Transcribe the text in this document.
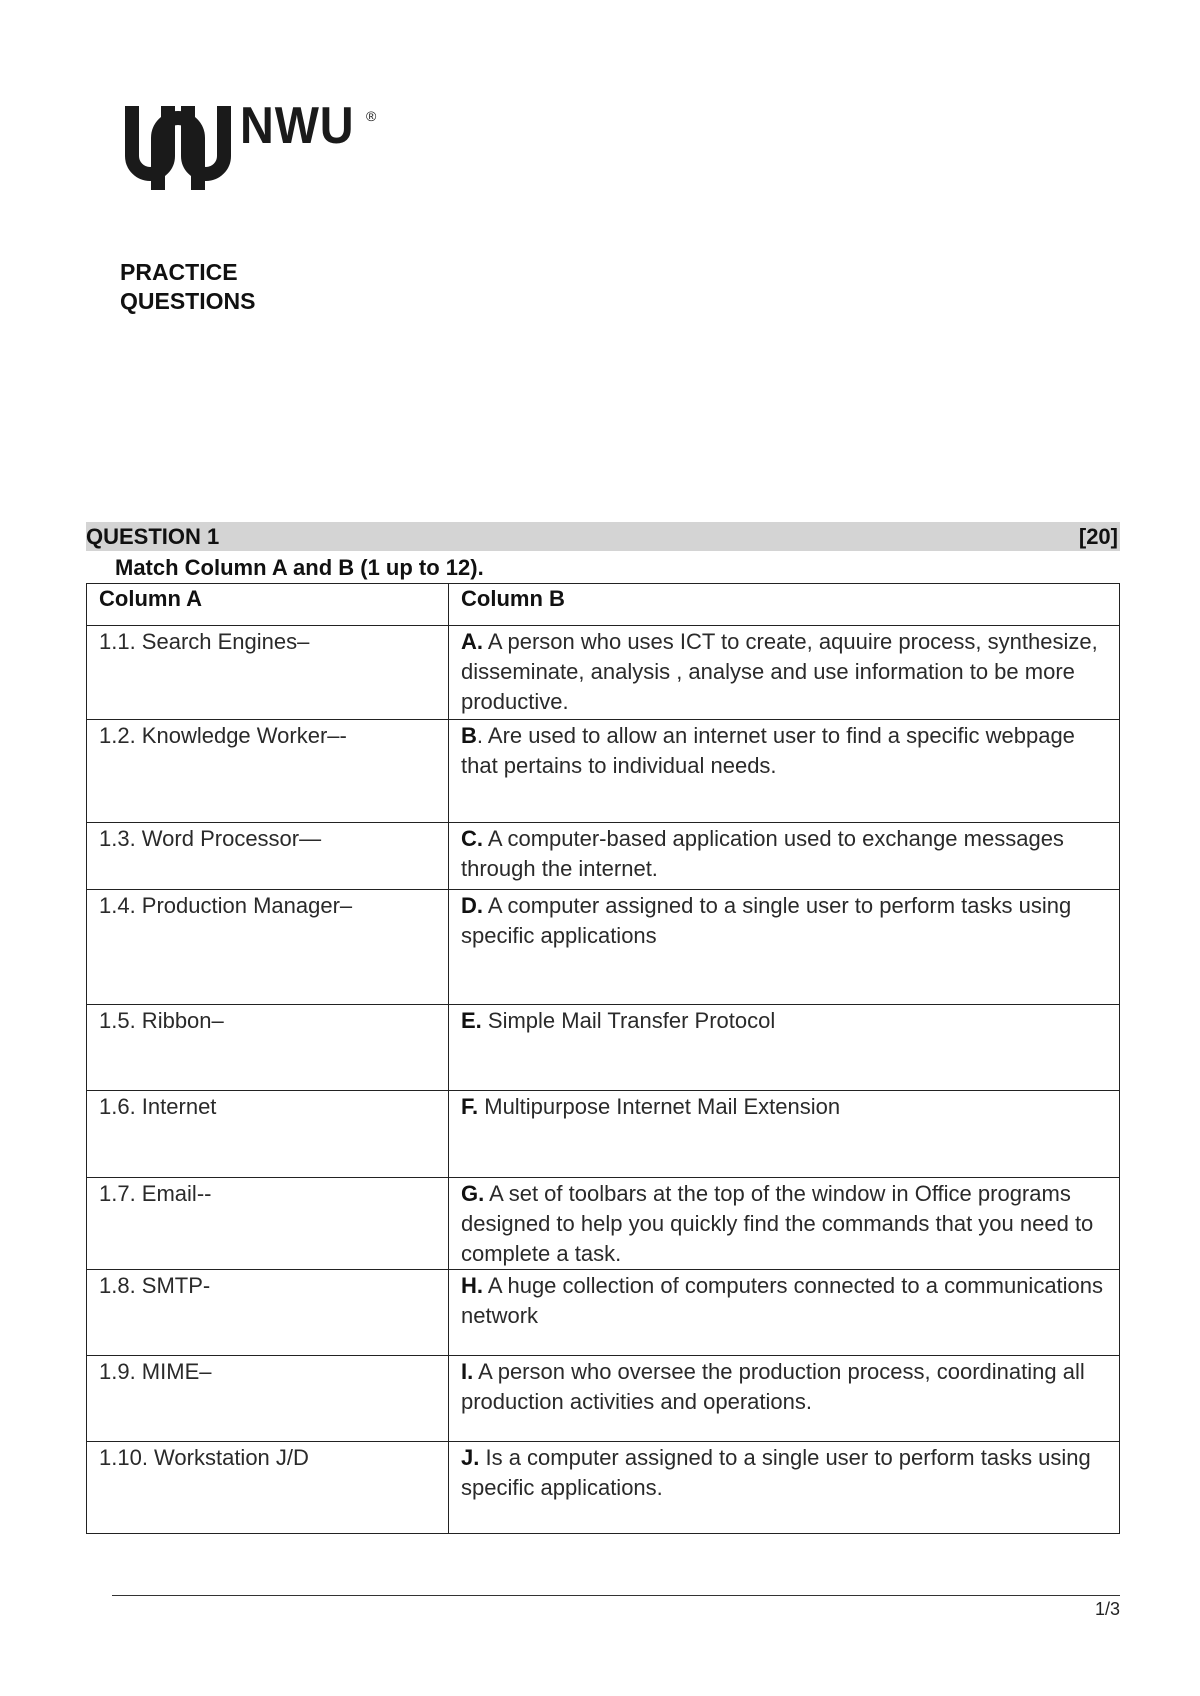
NWU ®
PRACTICE
QUESTIONS
QUESTION 1	[20]
Match Column A and B (1 up to 12).
Column A	Column B
1.1. Search Engines–	A. A person who uses ICT to create, aquuire process, synthesize, disseminate, analysis , analyse and use information to be more productive.
1.2. Knowledge Worker–-	B. Are used to allow an internet user to find a specific webpage that pertains to individual needs.
1.3. Word Processor—	C. A computer-based application used to exchange messages through the internet.
1.4. Production Manager–	D. A computer assigned to a single user to perform tasks using specific applications
1.5. Ribbon–	E. Simple Mail Transfer Protocol
1.6. Internet	F. Multipurpose Internet Mail Extension
1.7. Email--	G. A set of toolbars at the top of the window in Office programs designed to help you quickly find the commands that you need to complete a task.
1.8. SMTP-	H. A huge collection of computers connected to a communications network
1.9. MIME–	I. A person who oversee the production process, coordinating all production activities and operations.
1.10. Workstation J/D	J. Is a computer assigned to a single user to perform tasks using specific applications.
1/3
